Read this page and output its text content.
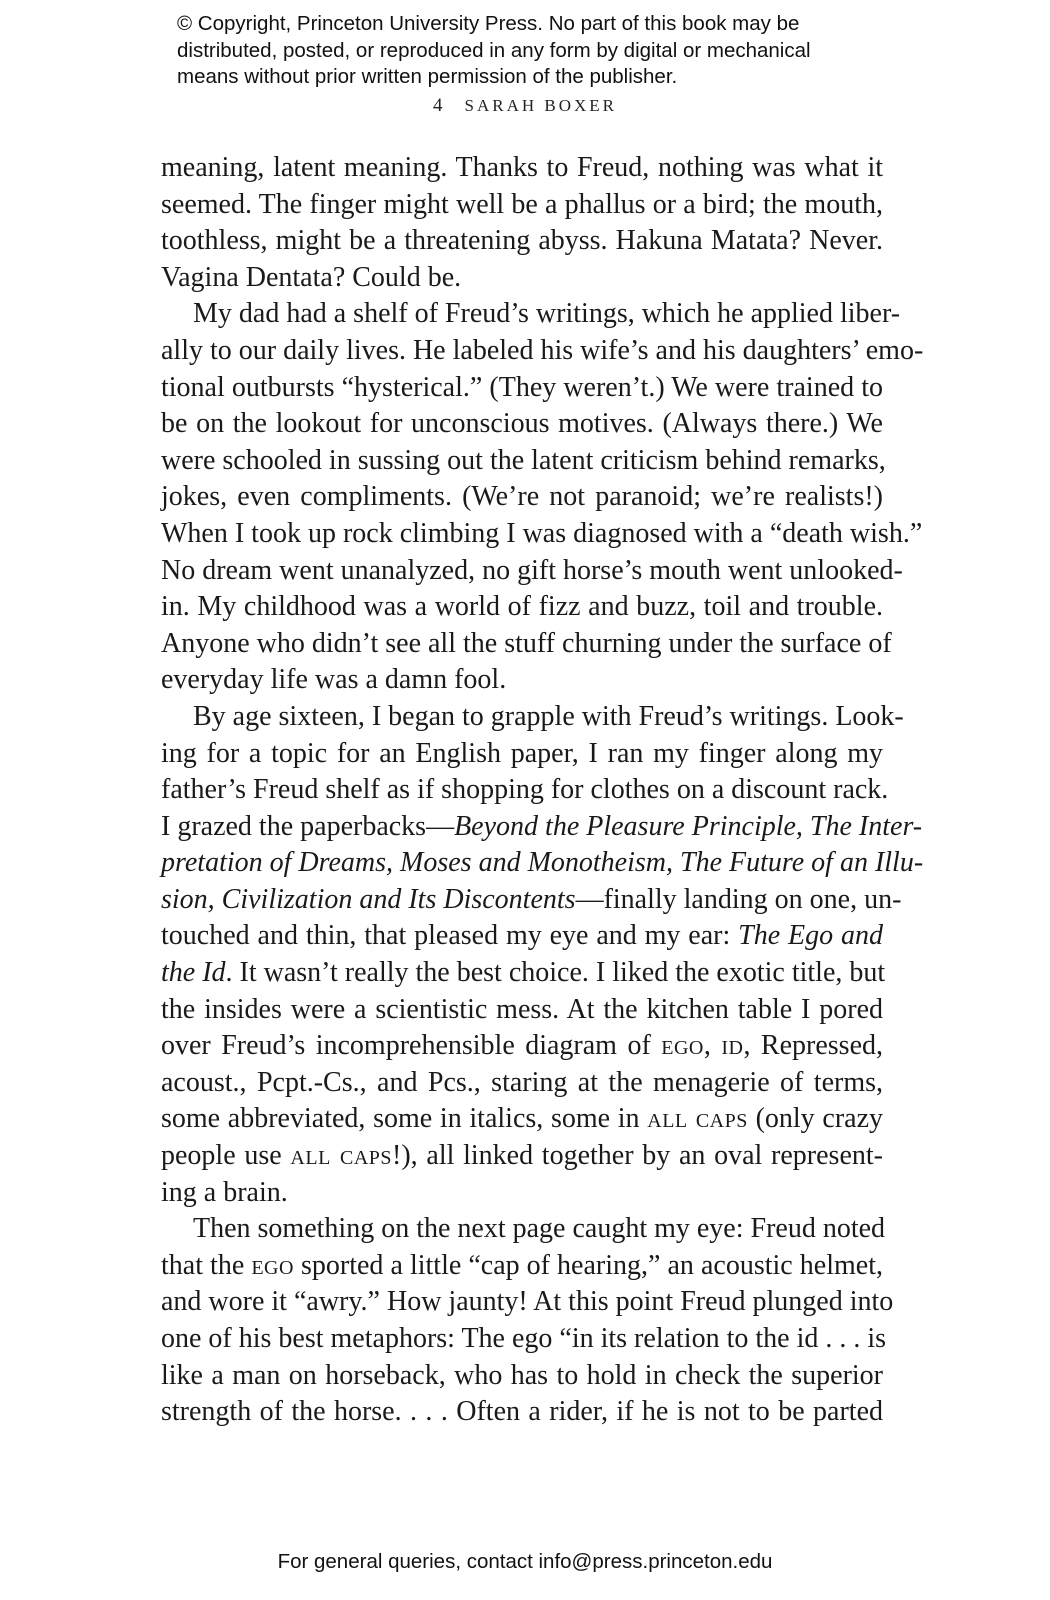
© Copyright, Princeton University Press. No part of this book may be
distributed, posted, or reproduced in any form by digital or mechanical
means without prior written permission of the publisher.
4 SARAH BOXER
meaning, latent meaning. Thanks to Freud, nothing was what it
seemed. The finger might well be a phallus or a bird; the mouth,
toothless, might be a threatening abyss. Hakuna Matata? Never.
Vagina Dentata? Could be.
My dad had a shelf of Freud’s writings, which he applied liber-
ally to our daily lives. He labeled his wife’s and his daughters’ emo-
tional outbursts “hysterical.” (They weren’t.) We were trained to
be on the lookout for unconscious motives. (Always there.) We
were schooled in sussing out the latent criticism behind remarks,
jokes, even compliments. (We’re not paranoid; we’re realists!)
When I took up rock climbing I was diagnosed with a “death wish.”
No dream went unanalyzed, no gift horse’s mouth went unlooked-
in. My childhood was a world of fizz and buzz, toil and trouble.
Anyone who didn’t see all the stuff churning under the surface of
everyday life was a damn fool.
By age sixteen, I began to grapple with Freud’s writings. Look-
ing for a topic for an English paper, I ran my finger along my
father’s Freud shelf as if shopping for clothes on a discount rack.
I grazed the paperbacks—Beyond the Pleasure Principle, The Inter-
pretation of Dreams, Moses and Monotheism, The Future of an Illu-
sion, Civilization and Its Discontents—finally landing on one, un-
touched and thin, that pleased my eye and my ear: The Ego and
the Id. It wasn’t really the best choice. I liked the exotic title, but
the insides were a scientistic mess. At the kitchen table I pored
over Freud’s incomprehensible diagram of ego, id, Repressed,
acoust., Pcpt.-Cs., and Pcs., staring at the menagerie of terms,
some abbreviated, some in italics, some in all caps (only crazy
people use all caps!), all linked together by an oval represent-
ing a brain.
Then something on the next page caught my eye: Freud noted
that the ego sported a little “cap of hearing,” an acoustic helmet,
and wore it “awry.” How jaunty! At this point Freud plunged into
one of his best metaphors: The ego “in its relation to the id . . . is
like a man on horseback, who has to hold in check the superior
strength of the horse. . . . Often a rider, if he is not to be parted
For general queries, contact info@press.princeton.edu
